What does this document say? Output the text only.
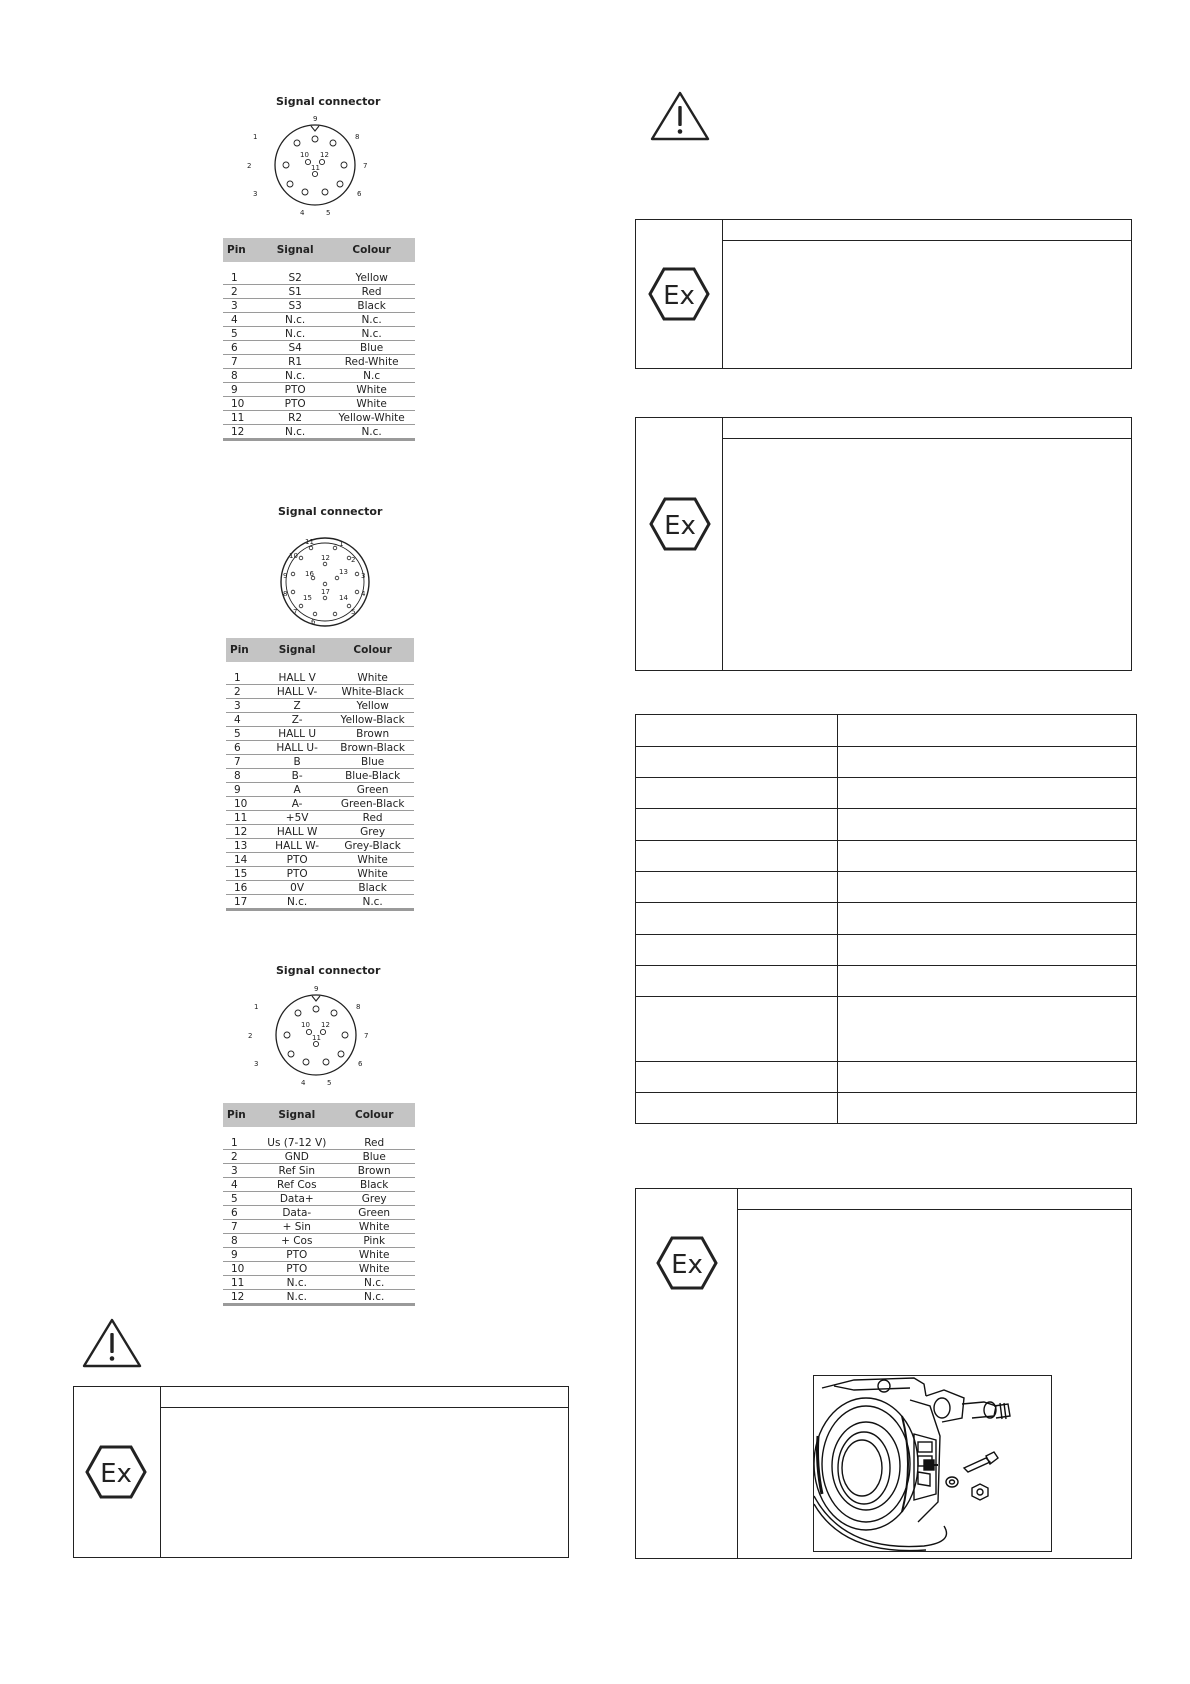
Signal connector
9
1	8
2	7
3	6
4	5
10 12
11
Pin	Signal	Colour

1	S2	Yellow
2	S1	Red
3	S3	Black
4	N.c.	N.c.
5	N.c.	N.c.
6	S4	Blue
7	R1	Red-White
8	N.c.	N.c
9	PTO	White
10	PTO	White
11	R2	Yellow-White
12	N.c.	N.c.
Signal connector
11	1
10	2
12
16	13
9	3
17
8	4
15	14
7	5
6
Pin	Signal	Colour

1	HALL V	White
2	HALL V-	White-Black
3	Z	Yellow
4	Z-	Yellow-Black
5	HALL U	Brown
6	HALL U-	Brown-Black
7	B	Blue
8	B-	Blue-Black
9	A	Green
10	A-	Green-Black
11	+5V	Red
12	HALL W	Grey
13	HALL W-	Grey-Black
14	PTO	White
15	PTO	White
16	0V	Black
17	N.c.	N.c.
Signal connector
9
1	8
2	7
3	6
4	5
10 12
11
Pin	Signal	Colour

1	Us (7-12 V)	Red
2	GND	Blue
3	Ref Sin	Brown
4	Ref Cos	Black
5	Data+	Grey
6	Data-	Green
7	+ Sin	White
8	+ Cos	Pink
9	PTO	White
10	PTO	White
11	N.c.	N.c.
12	N.c.	N.c.
Ex
Ex
Ex

Ex
